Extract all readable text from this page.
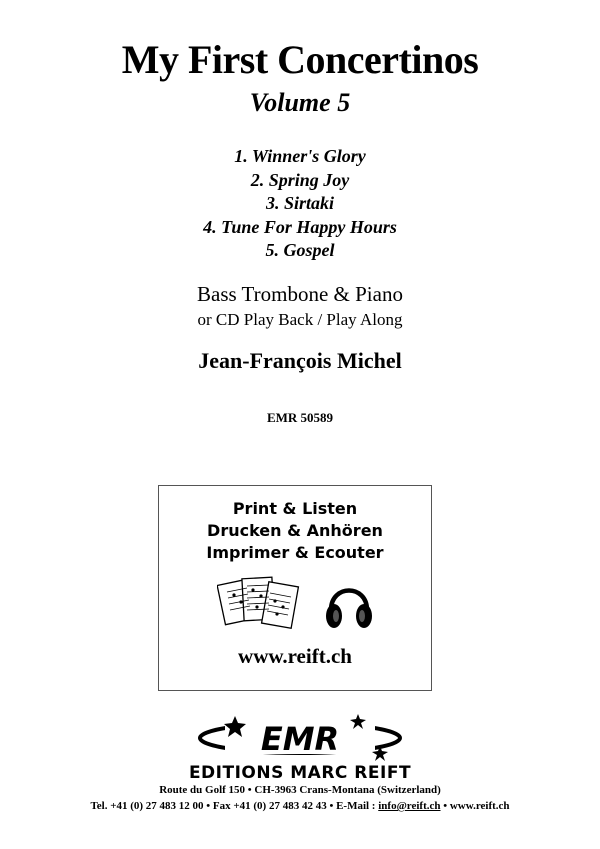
My First Concertinos
Volume 5
1. Winner's Glory
2. Spring Joy
3. Sirtaki
4. Tune For Happy Hours
5. Gospel
Bass Trombone & Piano
or CD Play Back / Play Along
Jean-François Michel
EMR 50589
Print & Listen
Drucken & Anhören
Imprimer & Ecouter
www.reift.ch
EMR
EDITIONS MARC REIFT
Route du Golf 150 • CH-3963 Crans-Montana (Switzerland)
Tel. +41 (0) 27 483 12 00 • Fax +41 (0) 27 483 42 43 • E-Mail : info@reift.ch • www.reift.ch
